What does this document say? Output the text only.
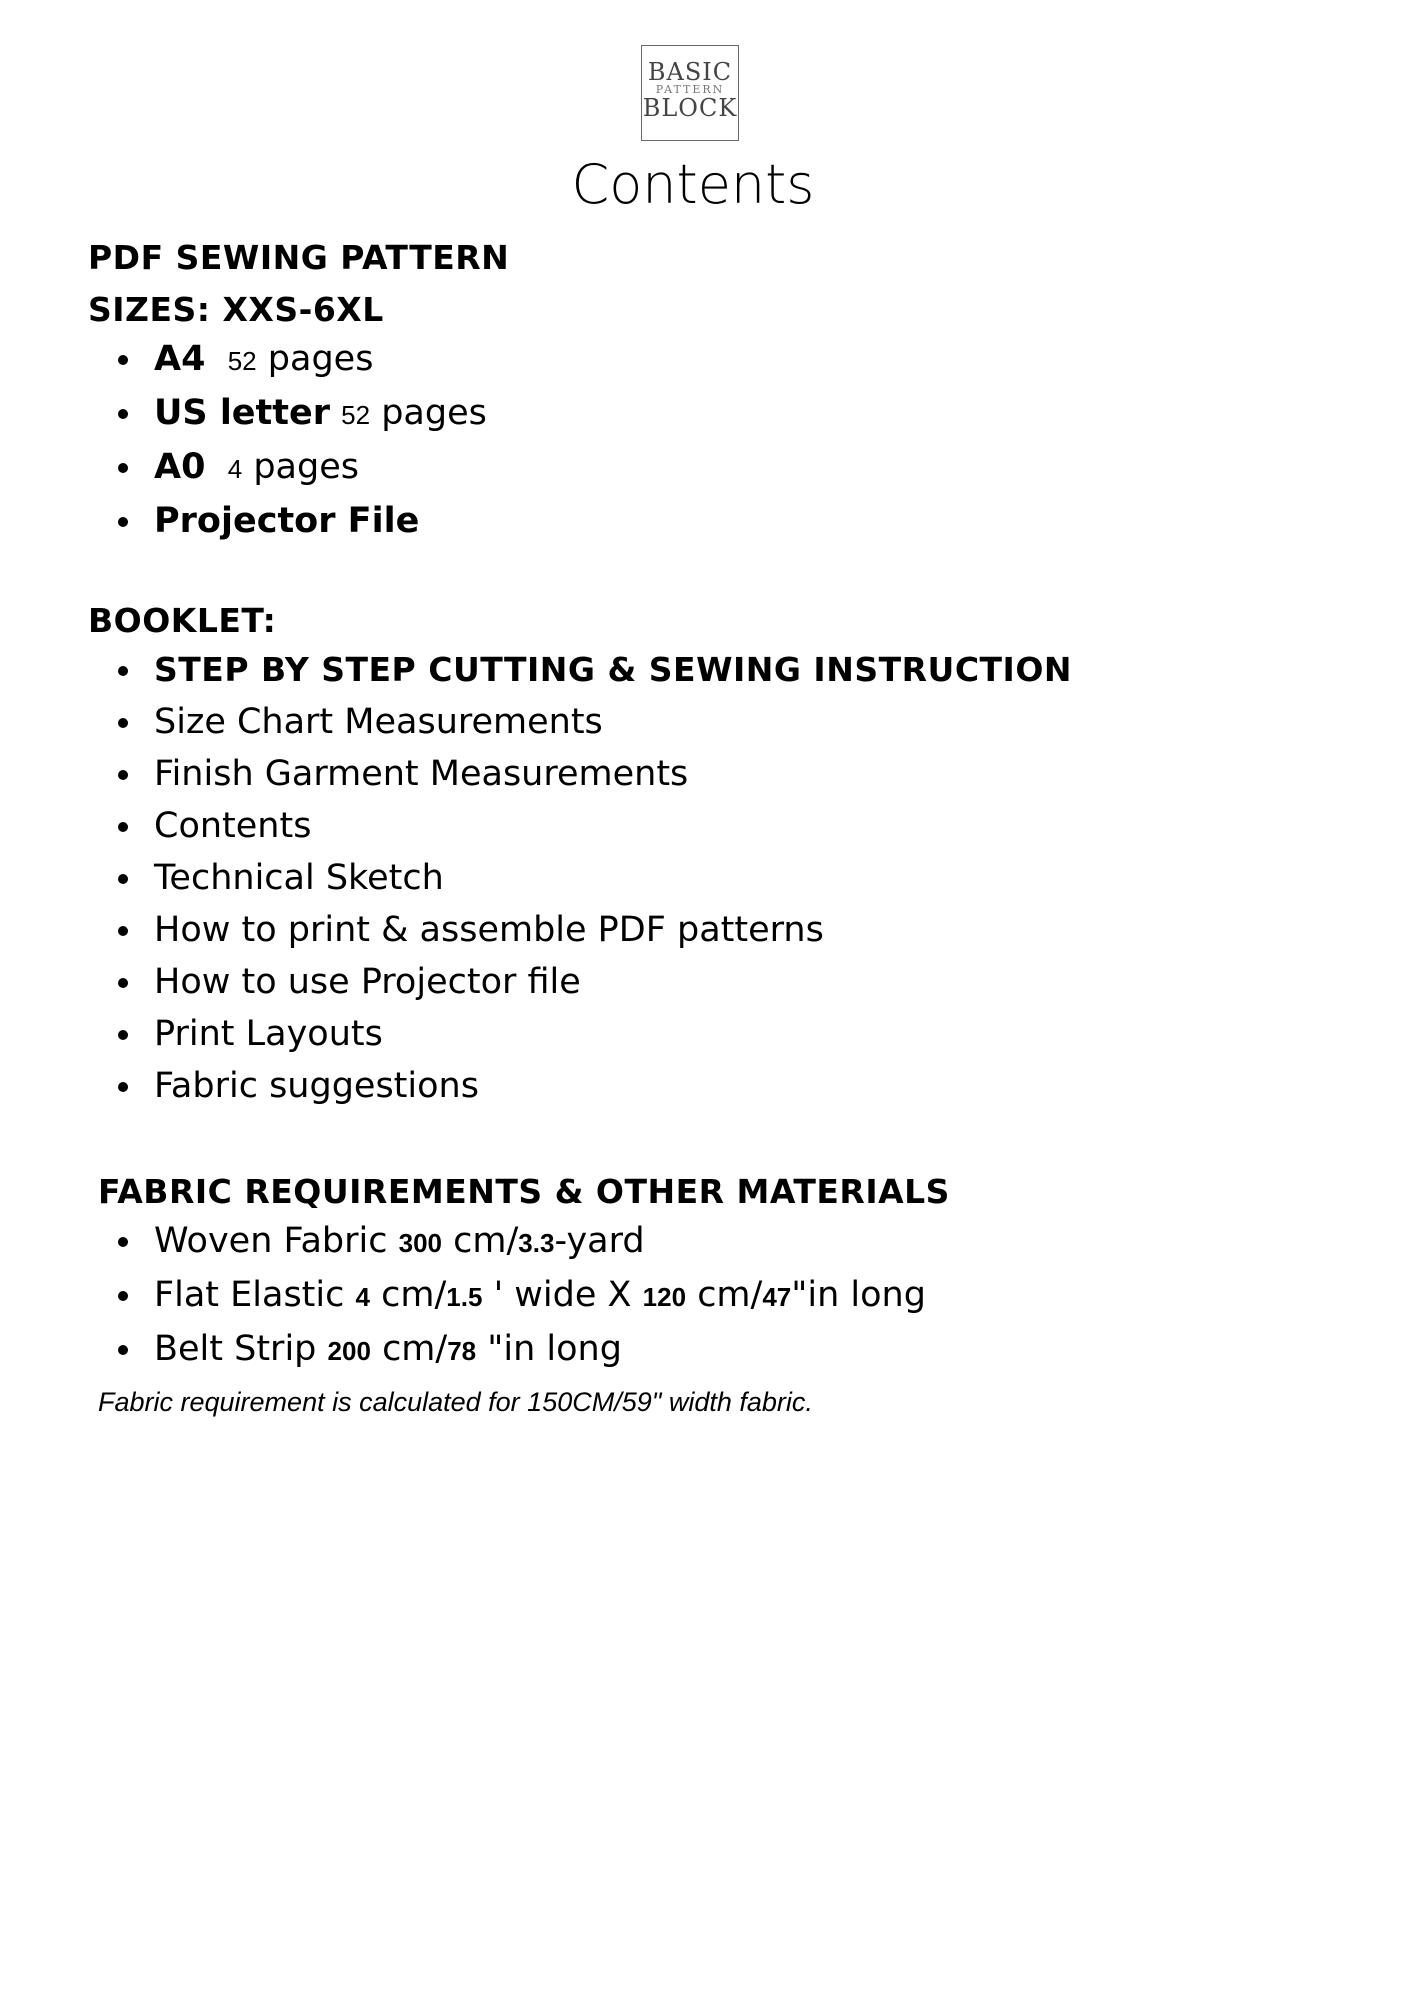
BASIC
PATTERN
BLOCK
Contents
PDF SEWING PATTERN
SIZES: XXS-6XL
A4 52 pages
US letter 52 pages
A0 4 pages
Projector File
BOOKLET:
STEP BY STEP CUTTING & SEWING INSTRUCTION
Size Chart Measurements
Finish Garment Measurements
Contents
Technical Sketch
How to print & assemble PDF patterns
How to use Projector file
Print Layouts
Fabric suggestions
FABRIC REQUIREMENTS & OTHER MATERIALS
Woven Fabric 300 cm/3.3-yard
Flat Elastic 4 cm/1.5 ' wide X 120 cm/47"in long
Belt Strip 200 cm/78 "in long

Fabric requirement is calculated for 150CM/59" width fabric.
